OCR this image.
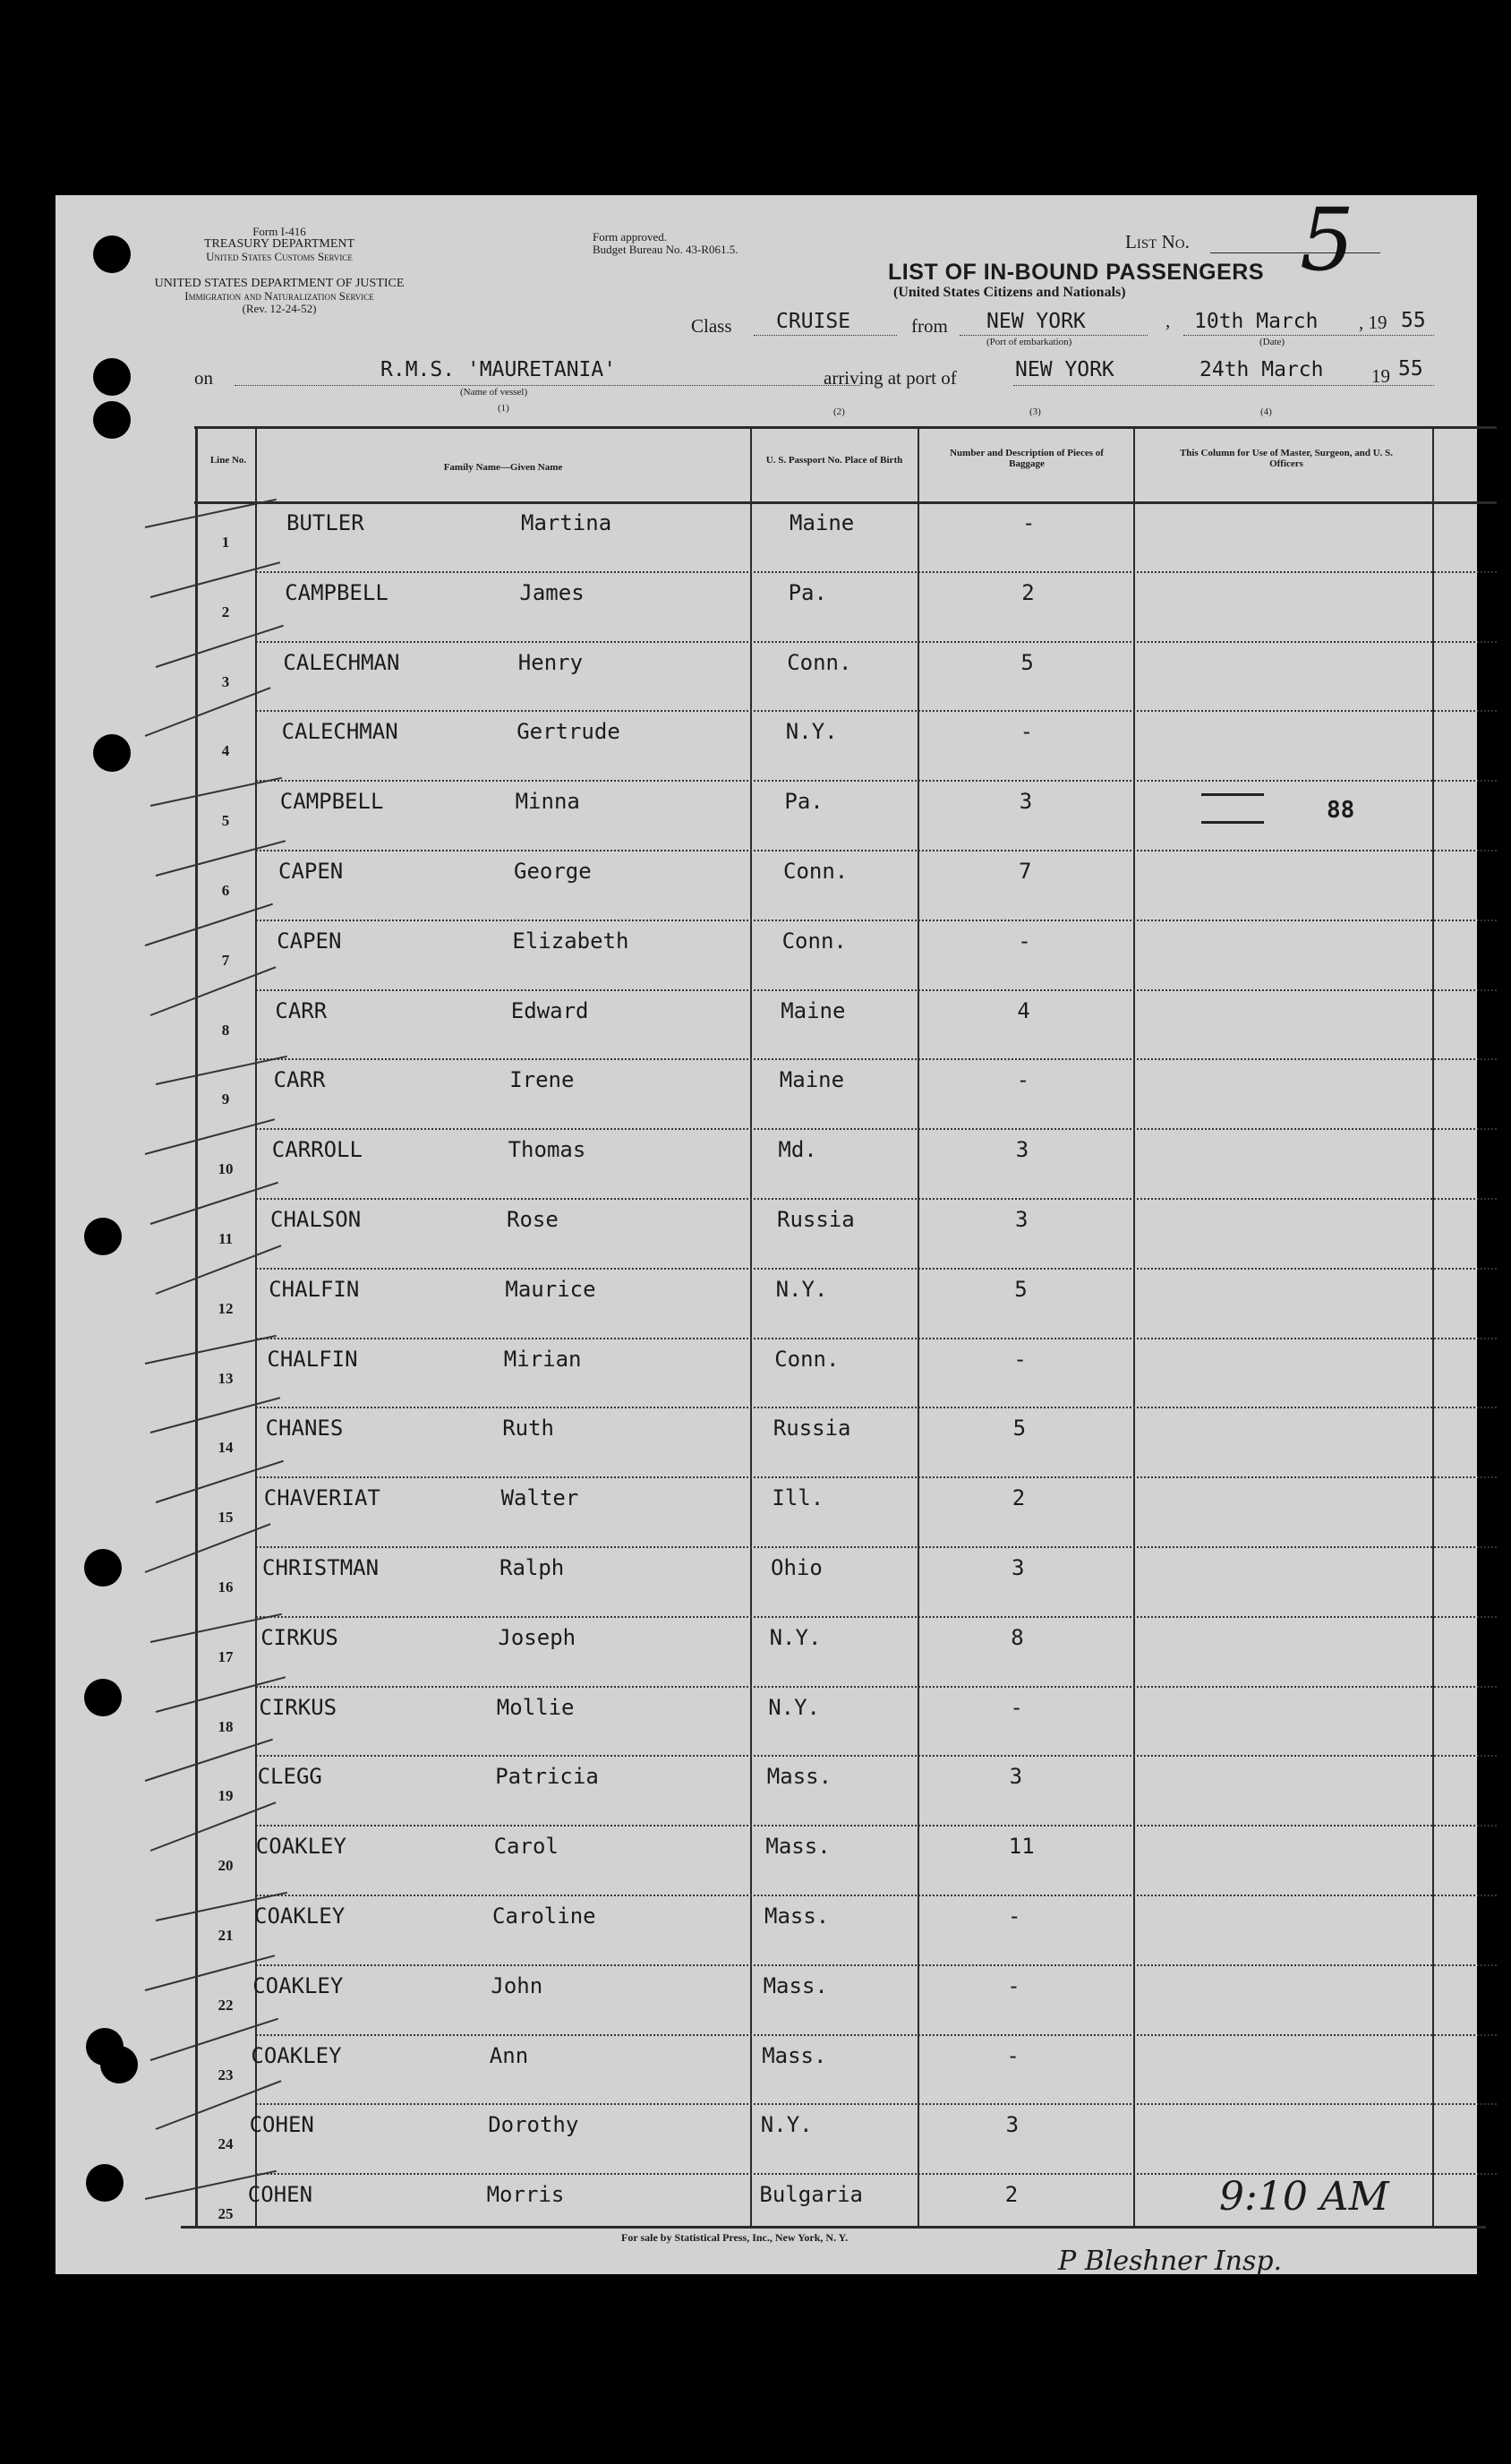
Form I-416
TREASURY DEPARTMENT
United States Customs Service
UNITED STATES DEPARTMENT OF JUSTICE
Immigration and Naturalization Service
(Rev. 12-24-52)
Form approved.
Budget Bureau No. 43-R061.5.	List No. 5
LIST OF IN-BOUND PASSENGERS
(United States Citizens and Nationals)
Class CRUISE	from NEW YORK
(Port of embarkation)
, 10th March , 19 55
(Date)
on	R.M.S. 'MAURETANIA'
(Name of vessel)
arriving at port of	NEW YORK	24th March	19 55
(1)	(2)	(3)	(4)
Line No.
Family Name—Given Name
U. S. Passport No. Place of Birth
Number and Description of Pieces of Baggage
This Column for Use of Master, Surgeon, and U. S. Officers
1
BUTLER	Martina	Maine	-
2
CAMPBELL	James	Pa.	2
3
CALECHMAN	Henry	Conn.	5
4
CALECHMAN	Gertrude	N.Y.	-
5
CAMPBELL	Minna	Pa.	3
6
CAPEN	George	Conn.	7
7
CAPEN	Elizabeth	Conn.	-
8
CARR	Edward	Maine	4
9
CARR	Irene	Maine	-
10
CARROLL	Thomas	Md.	3
11
CHALSON	Rose	Russia	3
12
CHALFIN	Maurice	N.Y.	5
13
CHALFIN	Mirian	Conn.	-
14
CHANES	Ruth	Russia	5
15
CHAVERIAT	Walter	Ill.	2
16
CHRISTMAN	Ralph	Ohio	3
17
CIRKUS	Joseph	N.Y.	8
18
CIRKUS	Mollie	N.Y.	-
19
CLEGG	Patricia	Mass.	3
20
COAKLEY	Carol	Mass.	11
21
COAKLEY	Caroline	Mass.	-
22
COAKLEY	John	Mass.	-
23
COAKLEY	Ann	Mass.	-
24
COHEN	Dorothy	N.Y.	3
25
COHEN	Morris	Bulgaria	2
88
9:10 AM
For sale by Statistical Press, Inc., New York, N. Y.
P Bleshner Insp.
